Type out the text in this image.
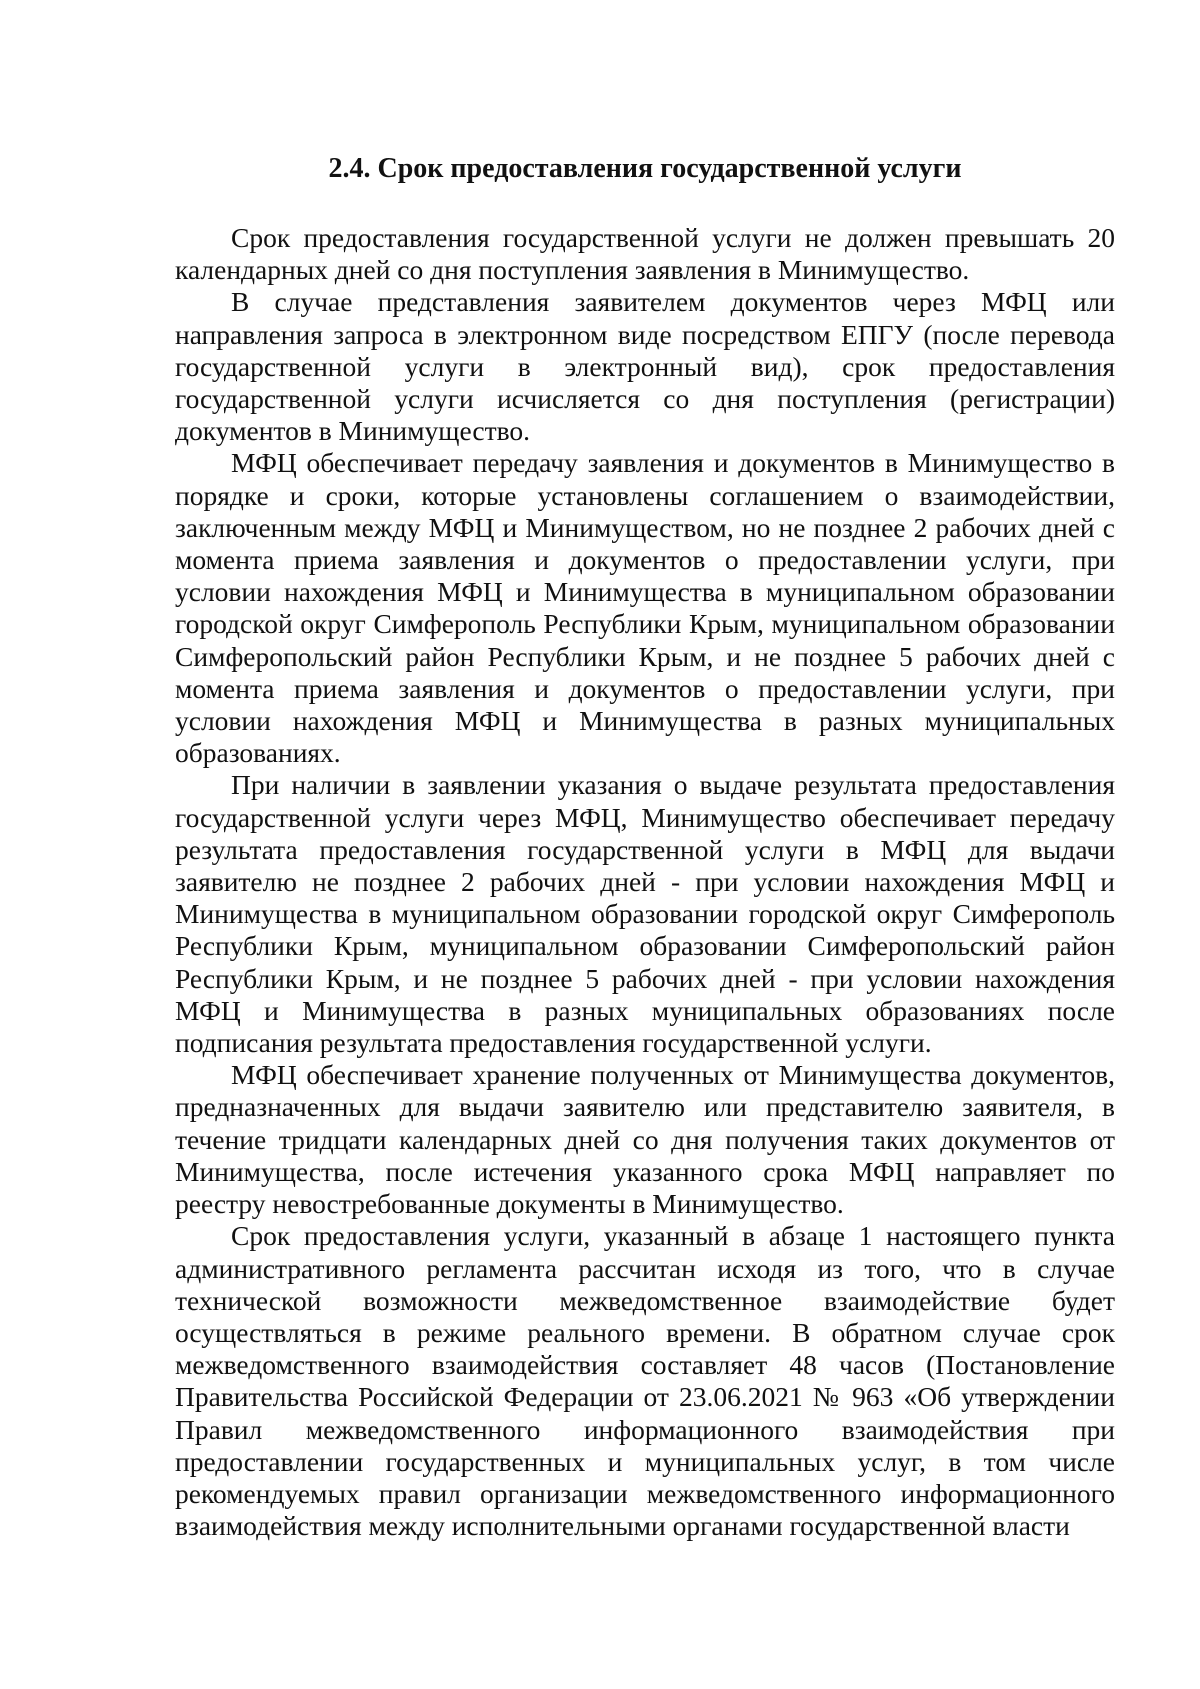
2.4. Срок предоставления государственной услуги

Срок предоставления государственной услуги не должен превышать 20 календарных дней со дня поступления заявления в Минимущество.

В случае представления заявителем документов через МФЦ или направления запроса в электронном виде посредством ЕПГУ (после перевода государственной услуги в электронный вид), срок предоставления государственной услуги исчисляется со дня поступления (регистрации) документов в Минимущество.

МФЦ обеспечивает передачу заявления и документов в Минимущество в порядке и сроки, которые установлены соглашением о взаимодействии, заключенным между МФЦ и Минимуществом, но не позднее 2 рабочих дней с момента приема заявления и документов о предоставлении услуги, при условии нахождения МФЦ и Минимущества в муниципальном образовании городской округ Симферополь Республики Крым, муниципальном образовании Симферопольский район Республики Крым, и не позднее 5 рабочих дней с момента приема заявления и документов о предоставлении услуги, при условии нахождения МФЦ и Минимущества в разных муниципальных образованиях.

При наличии в заявлении указания о выдаче результата предоставления государственной услуги через МФЦ, Минимущество обеспечивает передачу результата предоставления государственной услуги в МФЦ для выдачи заявителю не позднее 2 рабочих дней - при условии нахождения МФЦ и Минимущества в муниципальном образовании городской округ Симферополь Республики Крым, муниципальном образовании Симферопольский район Республики Крым, и не позднее 5 рабочих дней - при условии нахождения МФЦ и Минимущества в разных муниципальных образованиях после подписания результата предоставления государственной услуги.

МФЦ обеспечивает хранение полученных от Минимущества документов, предназначенных для выдачи заявителю или представителю заявителя, в течение тридцати календарных дней со дня получения таких документов от Минимущества, после истечения указанного срока МФЦ направляет по реестру невостребованные документы в Минимущество.

Срок предоставления услуги, указанный в абзаце 1 настоящего пункта административного регламента рассчитан исходя из того, что в случае технической возможности межведомственное взаимодействие будет осуществляться в режиме реального времени. В обратном случае срок межведомственного взаимодействия составляет 48 часов (Постановление Правительства Российской Федерации от 23.06.2021 № 963 «Об утверждении Правил межведомственного информационного взаимодействия при предоставлении государственных и муниципальных услуг, в том числе рекомендуемых правил организации межведомственного информационного взаимодействия между исполнительными органами государственной власти
